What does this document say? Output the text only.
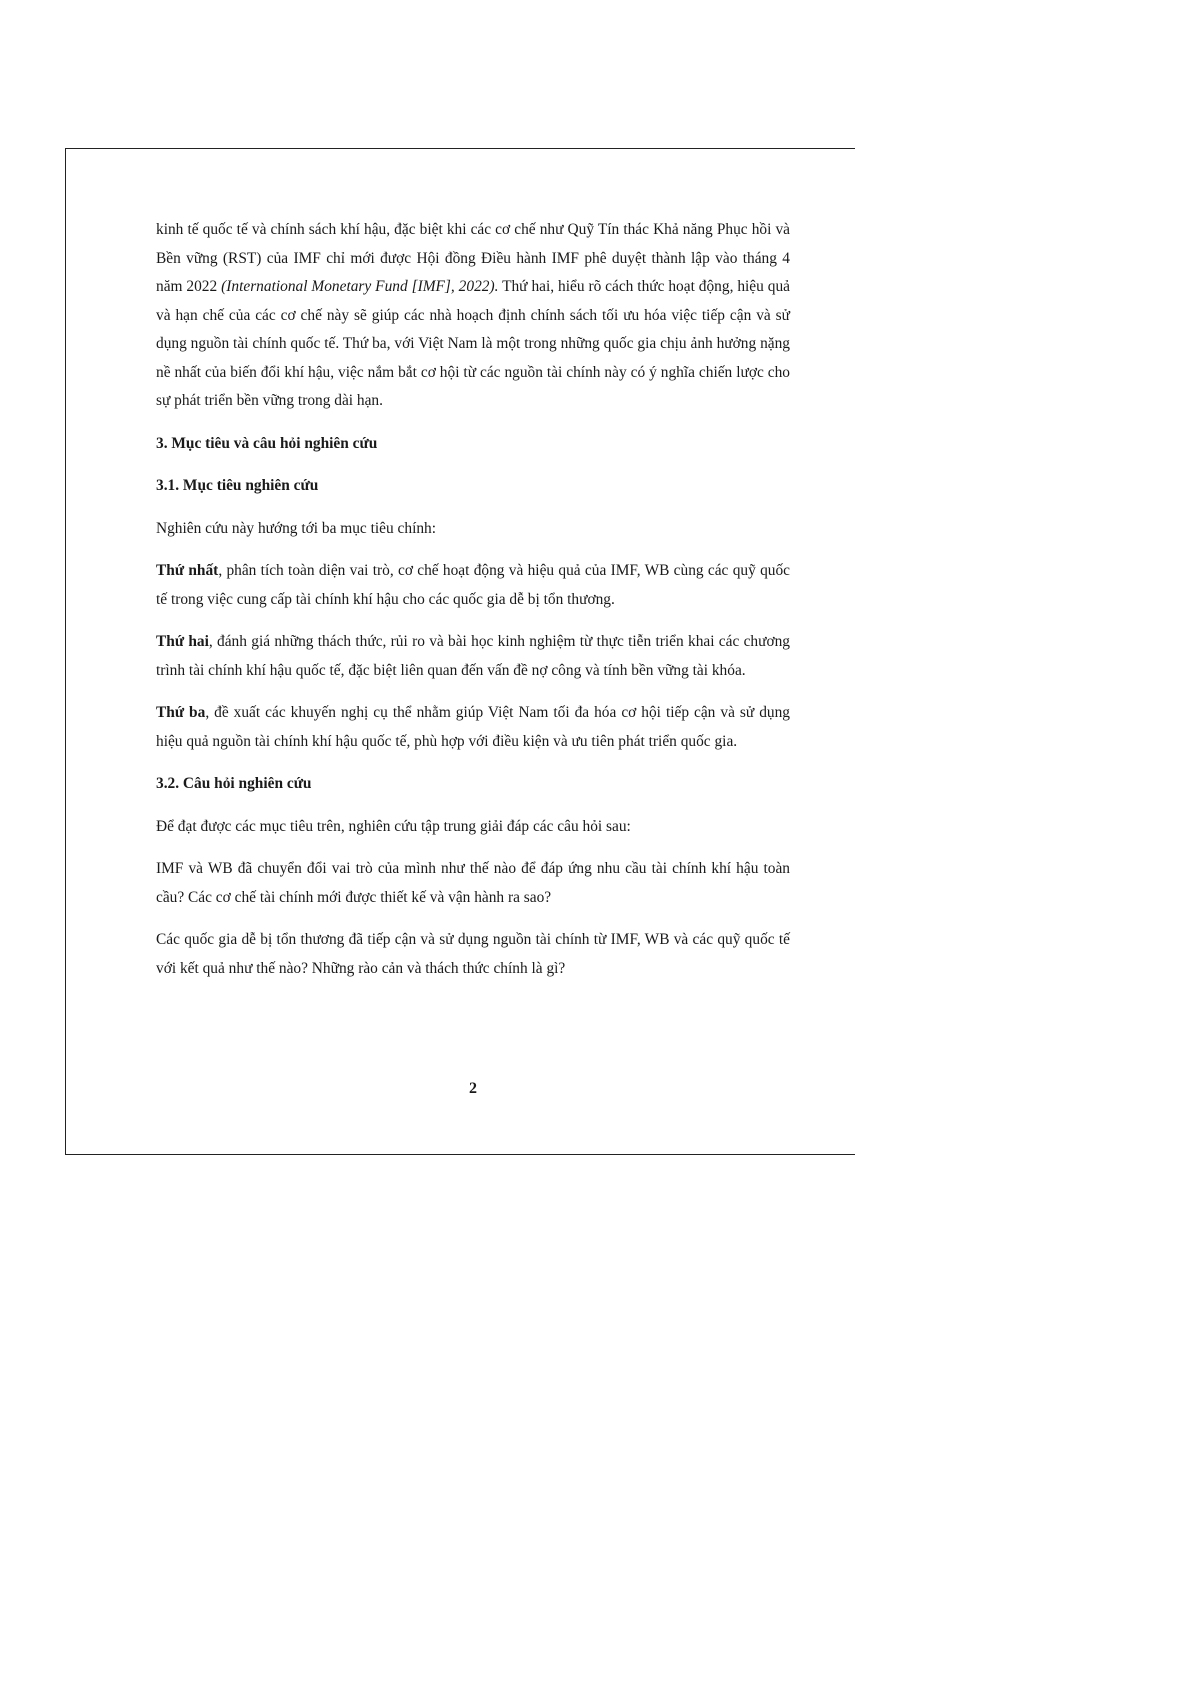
kinh tế quốc tế và chính sách khí hậu, đặc biệt khi các cơ chế như Quỹ Tín thác Khả năng Phục hồi và Bền vững (RST) của IMF chỉ mới được Hội đồng Điều hành IMF phê duyệt thành lập vào tháng 4 năm 2022 (International Monetary Fund [IMF], 2022). Thứ hai, hiểu rõ cách thức hoạt động, hiệu quả và hạn chế của các cơ chế này sẽ giúp các nhà hoạch định chính sách tối ưu hóa việc tiếp cận và sử dụng nguồn tài chính quốc tế. Thứ ba, với Việt Nam là một trong những quốc gia chịu ảnh hưởng nặng nề nhất của biến đổi khí hậu, việc nắm bắt cơ hội từ các nguồn tài chính này có ý nghĩa chiến lược cho sự phát triển bền vững trong dài hạn.

3. Mục tiêu và câu hỏi nghiên cứu
3.1. Mục tiêu nghiên cứu

Nghiên cứu này hướng tới ba mục tiêu chính:

Thứ nhất, phân tích toàn diện vai trò, cơ chế hoạt động và hiệu quả của IMF, WB cùng các quỹ quốc tế trong việc cung cấp tài chính khí hậu cho các quốc gia dễ bị tổn thương.

Thứ hai, đánh giá những thách thức, rủi ro và bài học kinh nghiệm từ thực tiễn triển khai các chương trình tài chính khí hậu quốc tế, đặc biệt liên quan đến vấn đề nợ công và tính bền vững tài khóa.

Thứ ba, đề xuất các khuyến nghị cụ thể nhằm giúp Việt Nam tối đa hóa cơ hội tiếp cận và sử dụng hiệu quả nguồn tài chính khí hậu quốc tế, phù hợp với điều kiện và ưu tiên phát triển quốc gia.

3.2. Câu hỏi nghiên cứu

Để đạt được các mục tiêu trên, nghiên cứu tập trung giải đáp các câu hỏi sau:

IMF và WB đã chuyển đổi vai trò của mình như thế nào để đáp ứng nhu cầu tài chính khí hậu toàn cầu? Các cơ chế tài chính mới được thiết kế và vận hành ra sao?

Các quốc gia dễ bị tổn thương đã tiếp cận và sử dụng nguồn tài chính từ IMF, WB và các quỹ quốc tế với kết quả như thế nào? Những rào cản và thách thức chính là gì?

2
